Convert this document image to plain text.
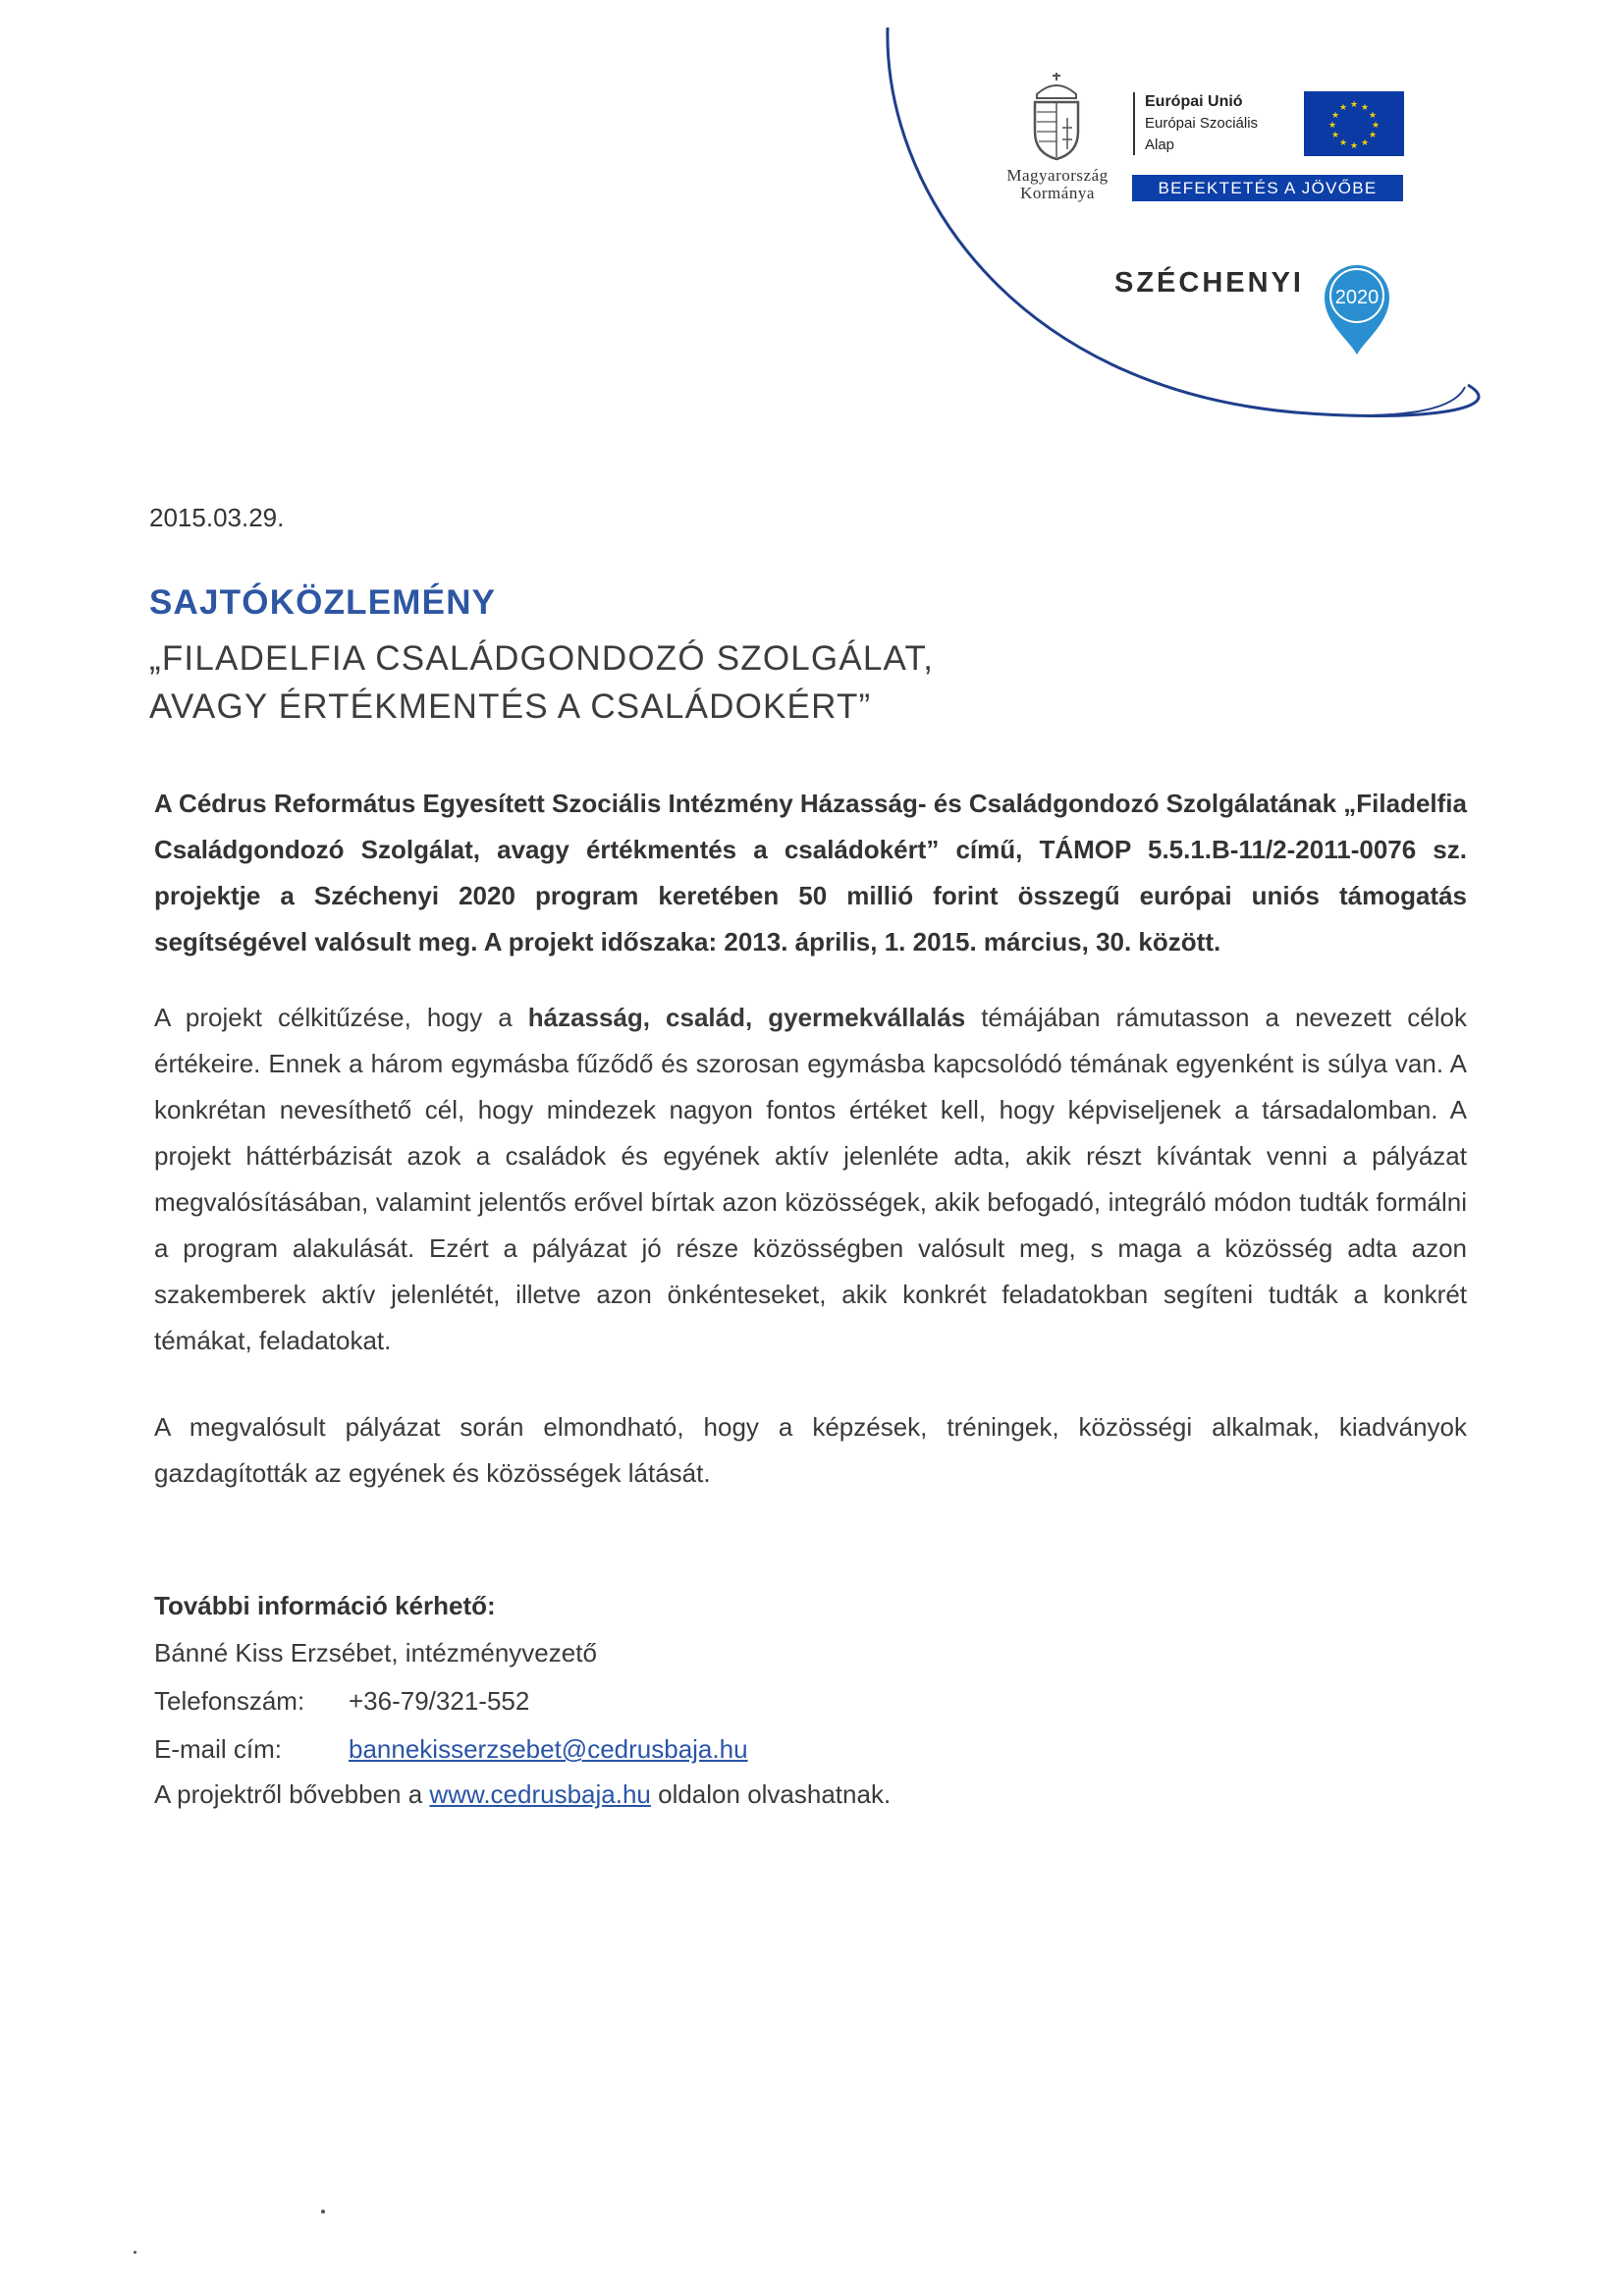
Magyarország
Kormánya
Európai Unió
Európai Szociális
Alap
★ ★
★
★
★
★
★
★
★
★
★
★
BEFEKTETÉS A JÖVŐBE
SZÉCHENYI 2020
2015.03.29.
SAJTÓKÖZLEMÉNY
„FILADELFIA CSALÁDGONDOZÓ SZOLGÁLAT,
AVAGY ÉRTÉKMENTÉS A CSALÁDOKÉRT”
A Cédrus Református Egyesített Szociális Intézmény Házasság- és Családgondozó Szolgálatának „Filadelfia Családgondozó Szolgálat, avagy értékmentés a családokért” című, TÁMOP 5.5.1.B-11/2-2011-0076 sz. projektje a Széchenyi 2020 program keretében 50 millió forint összegű európai uniós támogatás segítségével valósult meg. A projekt időszaka: 2013. április, 1. 2015. március, 30. között.
A projekt célkitűzése, hogy a házasság, család, gyermekvállalás témájában rámutasson a nevezett célok értékeire. Ennek a három egymásba fűződő és szorosan egymásba kapcsolódó témának egyenként is súlya van. A konkrétan nevesíthető cél, hogy mindezek nagyon fontos értéket kell, hogy képviseljenek a társadalomban. A projekt háttérbázisát azok a családok és egyének aktív jelenléte adta, akik részt kívántak venni a pályázat megvalósításában, valamint jelentős erővel bírtak azon közösségek, akik befogadó, integráló módon tudták formálni a program alakulását. Ezért a pályázat jó része közösségben valósult meg, s maga a közösség adta azon szakemberek aktív jelenlétét, illetve azon önkénteseket, akik konkrét feladatokban segíteni tudták a konkrét témákat, feladatokat.
A megvalósult pályázat során elmondható, hogy a képzések, tréningek, közösségi alkalmak, kiadványok gazdagították az egyének és közösségek látását.
További információ kérhető:
Bánné Kiss Erzsébet, intézményvezető
Telefonszám: +36-79/321-552
E-mail cím:	bannekisserzsebet@cedrusbaja.hu
A projektről bővebben a www.cedrusbaja.hu oldalon olvashatnak.
